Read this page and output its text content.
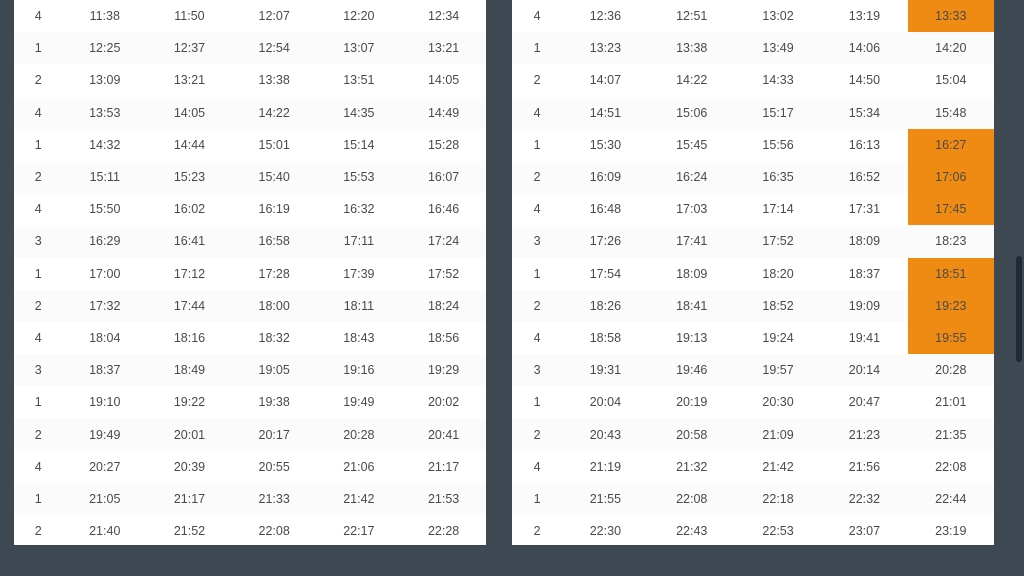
4	11:38	11:50	12:07	12:20	12:34
1	12:25	12:37	12:54	13:07	13:21
2	13:09	13:21	13:38	13:51	14:05
4	13:53	14:05	14:22	14:35	14:49
1	14:32	14:44	15:01	15:14	15:28
2	15:11	15:23	15:40	15:53	16:07
4	15:50	16:02	16:19	16:32	16:46
3	16:29	16:41	16:58	17:11	17:24
1	17:00	17:12	17:28	17:39	17:52
2	17:32	17:44	18:00	18:11	18:24
4	18:04	18:16	18:32	18:43	18:56
3	18:37	18:49	19:05	19:16	19:29
1	19:10	19:22	19:38	19:49	20:02
2	19:49	20:01	20:17	20:28	20:41
4	20:27	20:39	20:55	21:06	21:17
1	21:05	21:17	21:33	21:42	21:53
2	21:40	21:52	22:08	22:17	22:28
4	12:36	12:51	13:02	13:19	13:33
1	13:23	13:38	13:49	14:06	14:20
2	14:07	14:22	14:33	14:50	15:04
4	14:51	15:06	15:17	15:34	15:48
1	15:30	15:45	15:56	16:13	16:27
2	16:09	16:24	16:35	16:52	17:06
4	16:48	17:03	17:14	17:31	17:45
3	17:26	17:41	17:52	18:09	18:23
1	17:54	18:09	18:20	18:37	18:51
2	18:26	18:41	18:52	19:09	19:23
4	18:58	19:13	19:24	19:41	19:55
3	19:31	19:46	19:57	20:14	20:28
1	20:04	20:19	20:30	20:47	21:01
2	20:43	20:58	21:09	21:23	21:35
4	21:19	21:32	21:42	21:56	22:08
1	21:55	22:08	22:18	22:32	22:44
2	22:30	22:43	22:53	23:07	23:19
